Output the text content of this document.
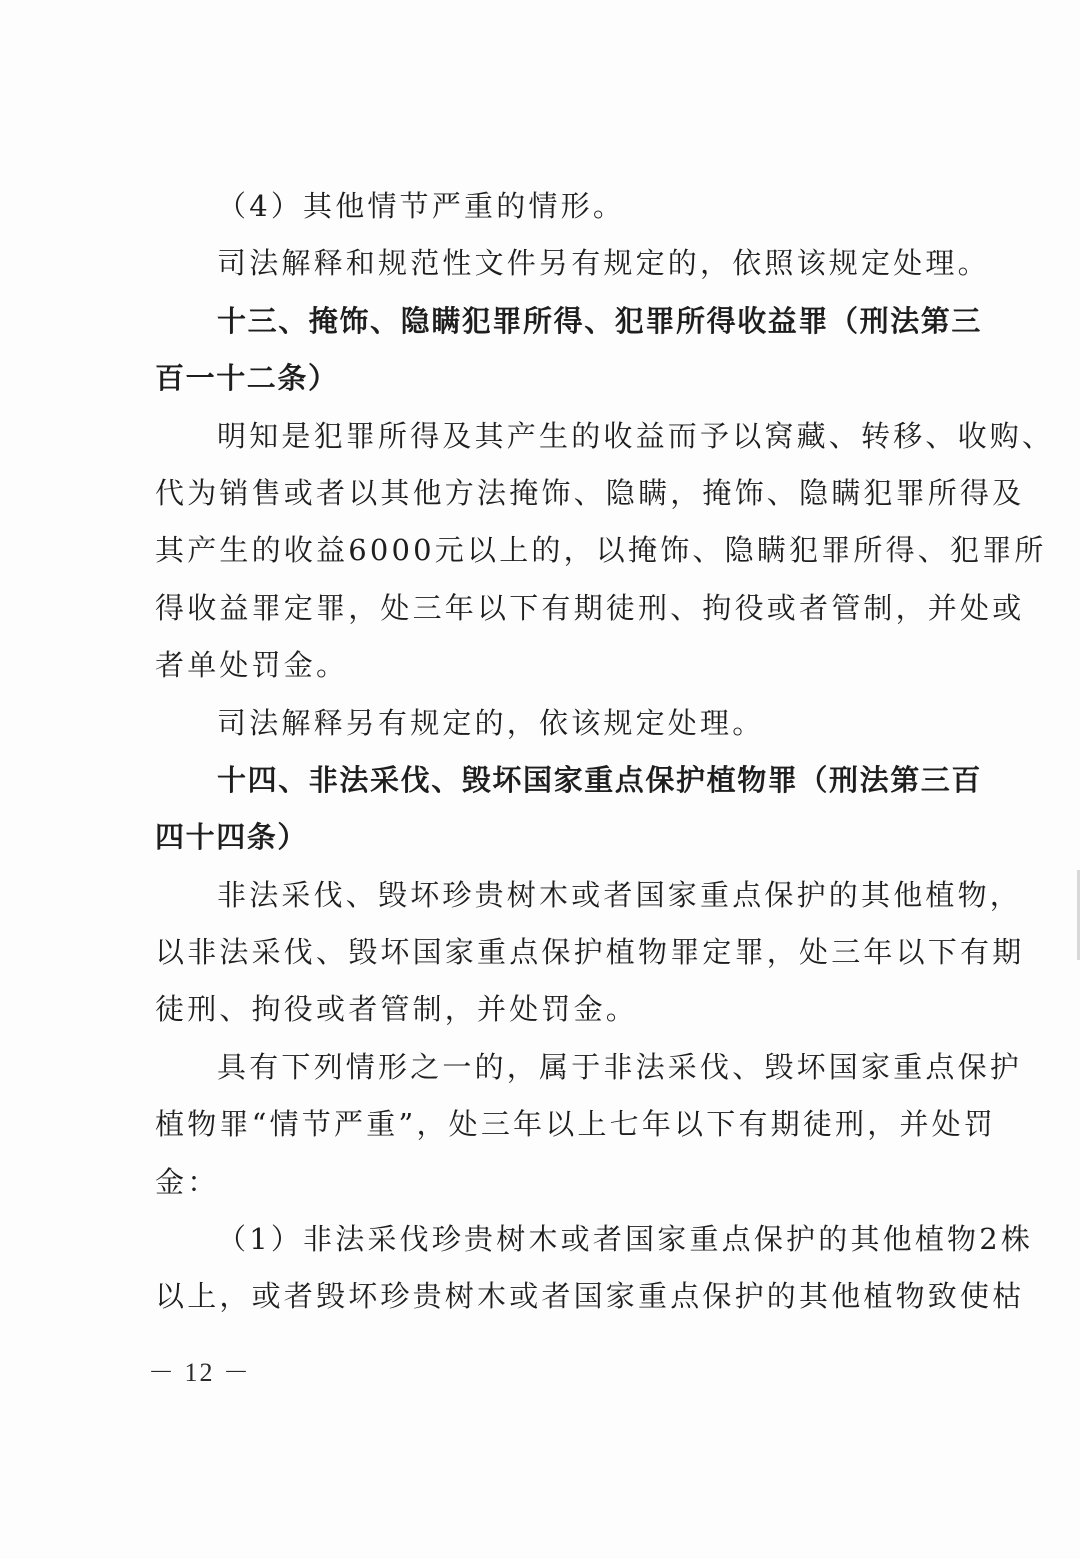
（4）其他情节严重的情形。
司法解释和规范性文件另有规定的，依照该规定处理。
十三、掩饰、隐瞒犯罪所得、犯罪所得收益罪（刑法第三
百一十二条）
明知是犯罪所得及其产生的收益而予以窝藏、转移、收购、
代为销售或者以其他方法掩饰、隐瞒，掩饰、隐瞒犯罪所得及
其产生的收益6000元以上的，以掩饰、隐瞒犯罪所得、犯罪所
得收益罪定罪，处三年以下有期徒刑、拘役或者管制，并处或
者单处罚金。
司法解释另有规定的，依该规定处理。
十四、非法采伐、毁坏国家重点保护植物罪（刑法第三百
四十四条）
非法采伐、毁坏珍贵树木或者国家重点保护的其他植物，
以非法采伐、毁坏国家重点保护植物罪定罪，处三年以下有期
徒刑、拘役或者管制，并处罚金。
具有下列情形之一的，属于非法采伐、毁坏国家重点保护
植物罪“情节严重”，处三年以上七年以下有期徒刑，并处罚
金：
（1）非法采伐珍贵树木或者国家重点保护的其他植物2株
以上，或者毁坏珍贵树木或者国家重点保护的其他植物致使枯
－ 12 －
